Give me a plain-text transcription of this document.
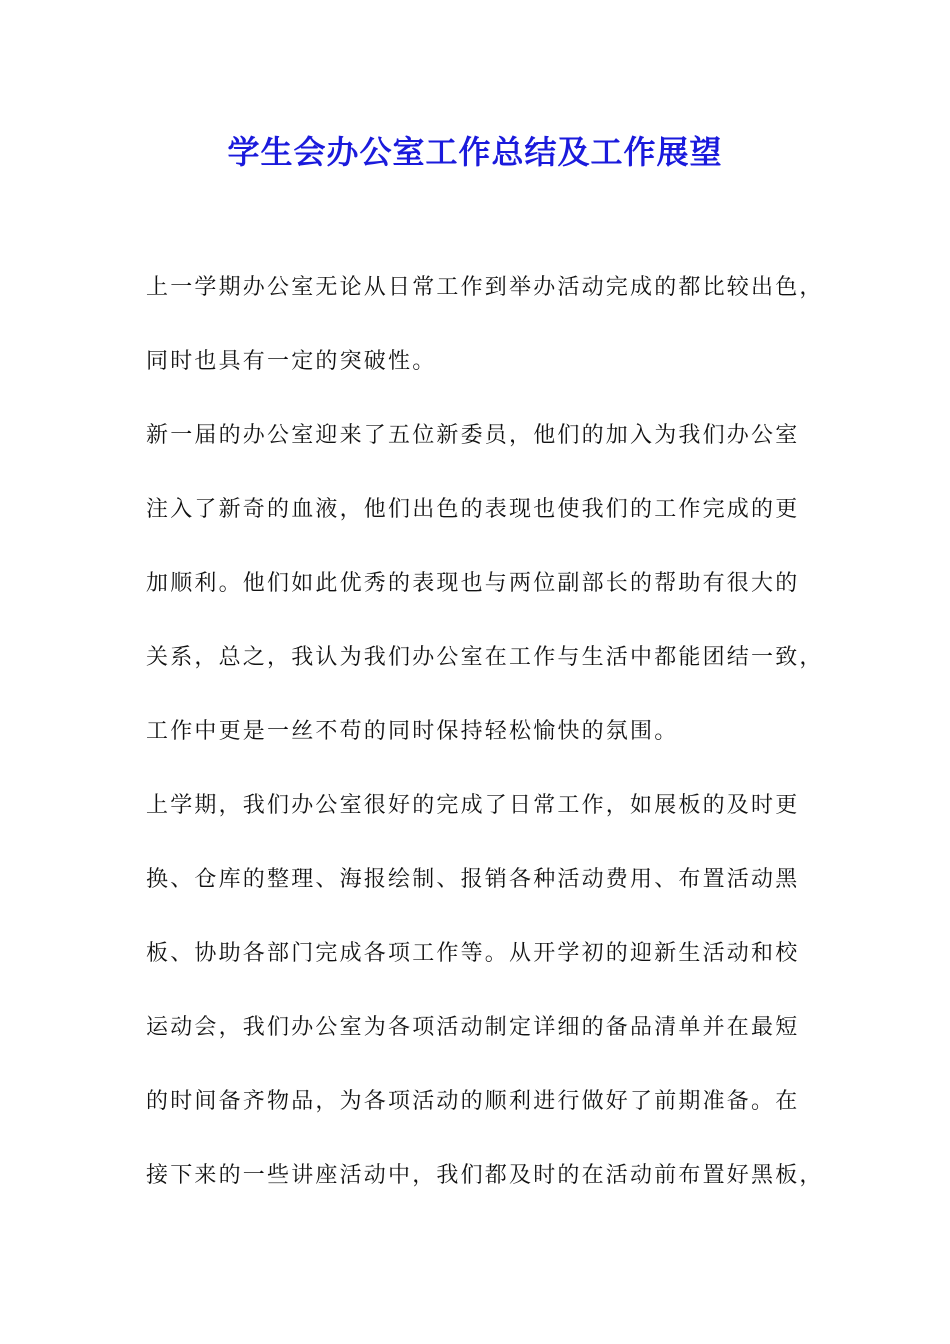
学生会办公室工作总结及工作展望
上一学期办公室无论从日常工作到举办活动完成的都比较出色，
同时也具有一定的突破性。
新一届的办公室迎来了五位新委员，他们的加入为我们办公室
注入了新奇的血液，他们出色的表现也使我们的工作完成的更
加顺利。他们如此优秀的表现也与两位副部长的帮助有很大的
关系，总之，我认为我们办公室在工作与生活中都能团结一致，
工作中更是一丝不苟的同时保持轻松愉快的氛围。
上学期，我们办公室很好的完成了日常工作，如展板的及时更
换、仓库的整理、海报绘制、报销各种活动费用、布置活动黑
板、协助各部门完成各项工作等。从开学初的迎新生活动和校
运动会，我们办公室为各项活动制定详细的备品清单并在最短
的时间备齐物品，为各项活动的顺利进行做好了前期准备。在
接下来的一些讲座活动中，我们都及时的在活动前布置好黑板，
